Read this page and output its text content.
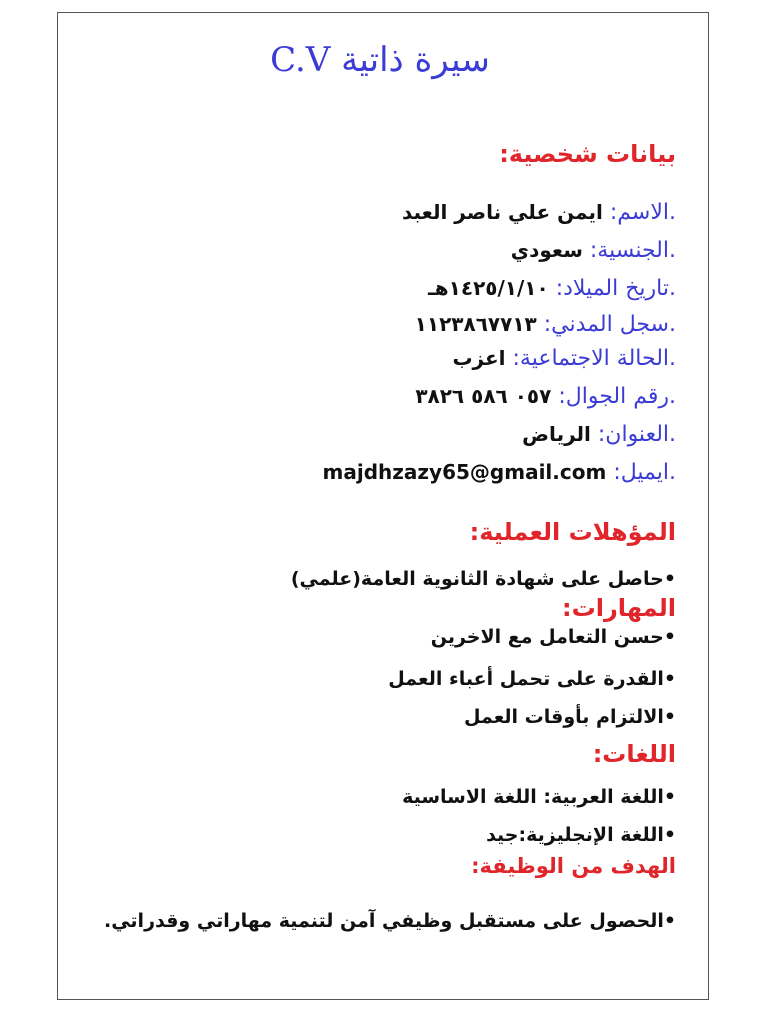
سيرة ذاتية C.V
بيانات شخصية:
.الاسم: ايمن علي ناصر العبد
.الجنسية: سعودي
.تاريخ الميلاد: ١٤٢٥/١/١٠هـ
.سجل المدني: ١١٢٣٨٦٧٧١٣
.الحالة الاجتماعية: اعزب
.رقم الجوال: ٠٥٧ ٥٨٦ ٣٨٢٦
.العنوان: الرياض
.ايميل: majdhzazy65@gmail.com
المؤهلات العملية:
•حاصل على شهادة الثانوية العامة(علمي)
المهارات:
•حسن التعامل مع الاخرين
•القدرة على تحمل أعباء العمل
•الالتزام بأوقات العمل
اللغات:
•اللغة العربية: اللغة الاساسية
•اللغة الإنجليزية:جيد
الهدف من الوظيفة:
•الحصول على مستقبل وظيفي آمن لتنمية مهاراتي وقدراتي.
